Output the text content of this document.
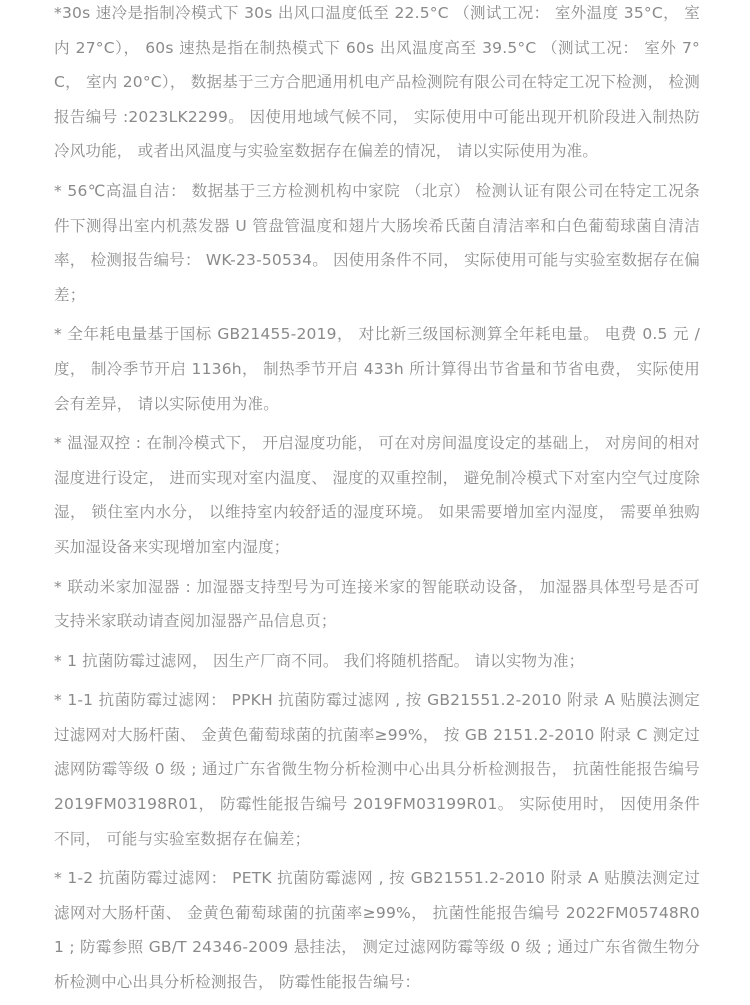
*30s 速冷是指制冷模式下 30s 出风口温度低至 22.5°C （测试工况： 室外温度 35°C， 室内 27°C）， 60s 速热是指在制热模式下 60s 出风温度高至 39.5°C （测试工况： 室外 7°C， 室内 20°C）， 数据基于三方合肥通用机电产品检测院有限公司在特定工况下检测， 检测报告编号 :2023LK2299。 因使用地域气候不同， 实际使用中可能出现开机阶段进入制热防冷风功能， 或者出风温度与实验室数据存在偏差的情况， 请以实际使用为准。
* 56℃高温自洁： 数据基于三方检测机构中家院 （北京） 检测认证有限公司在特定工况条件下测得出室内机蒸发器 U 管盘管温度和翅片大肠埃希氏菌自清洁率和白色葡萄球菌自清洁率， 检测报告编号： WK-23-50534。 因使用条件不同， 实际使用可能与实验室数据存在偏差；
* 全年耗电量基于国标 GB21455-2019， 对比新三级国标测算全年耗电量。 电费 0.5 元 / 度， 制冷季节开启 1136h， 制热季节开启 433h 所计算得出节省量和节省电费， 实际使用会有差异， 请以实际使用为准。
* 温湿双控 : 在制冷模式下， 开启湿度功能， 可在对房间温度设定的基础上， 对房间的相对湿度进行设定， 进而实现对室内温度、 湿度的双重控制， 避免制冷模式下对室内空气过度除湿， 锁住室内水分， 以维持室内较舒适的湿度环境。 如果需要增加室内湿度， 需要单独购买加湿设备来实现增加室内湿度；
* 联动米家加湿器 : 加湿器支持型号为可连接米家的智能联动设备， 加湿器具体型号是否可支持米家联动请查阅加湿器产品信息页；
* 1 抗菌防霉过滤网， 因生产厂商不同。 我们将随机搭配。 请以实物为准；
* 1-1 抗菌防霉过滤网： PPKH 抗菌防霉过滤网 , 按 GB21551.2-2010 附录 A 贴膜法测定过滤网对大肠杆菌、 金黄色葡萄球菌的抗菌率≥99%， 按 GB 2151.2-2010 附录 C 测定过滤网防霉等级 0 级 ; 通过广东省微生物分析检测中心出具分析检测报告， 抗菌性能报告编号 2019FM03198R01， 防霉性能报告编号 2019FM03199R01。 实际使用时， 因使用条件不同， 可能与实验室数据存在偏差；
* 1-2 抗菌防霉过滤网： PETK 抗菌防霉滤网 , 按 GB21551.2-2010 附录 A 贴膜法测定过滤网对大肠杆菌、 金黄色葡萄球菌的抗菌率≥99%， 抗菌性能报告编号 2022FM05748R01 ; 防霉参照 GB/T 24346-2009 悬挂法， 测定过滤网防霉等级 0 级 ; 通过广东省微生物分析检测中心出具分析检测报告， 防霉性能报告编号：
